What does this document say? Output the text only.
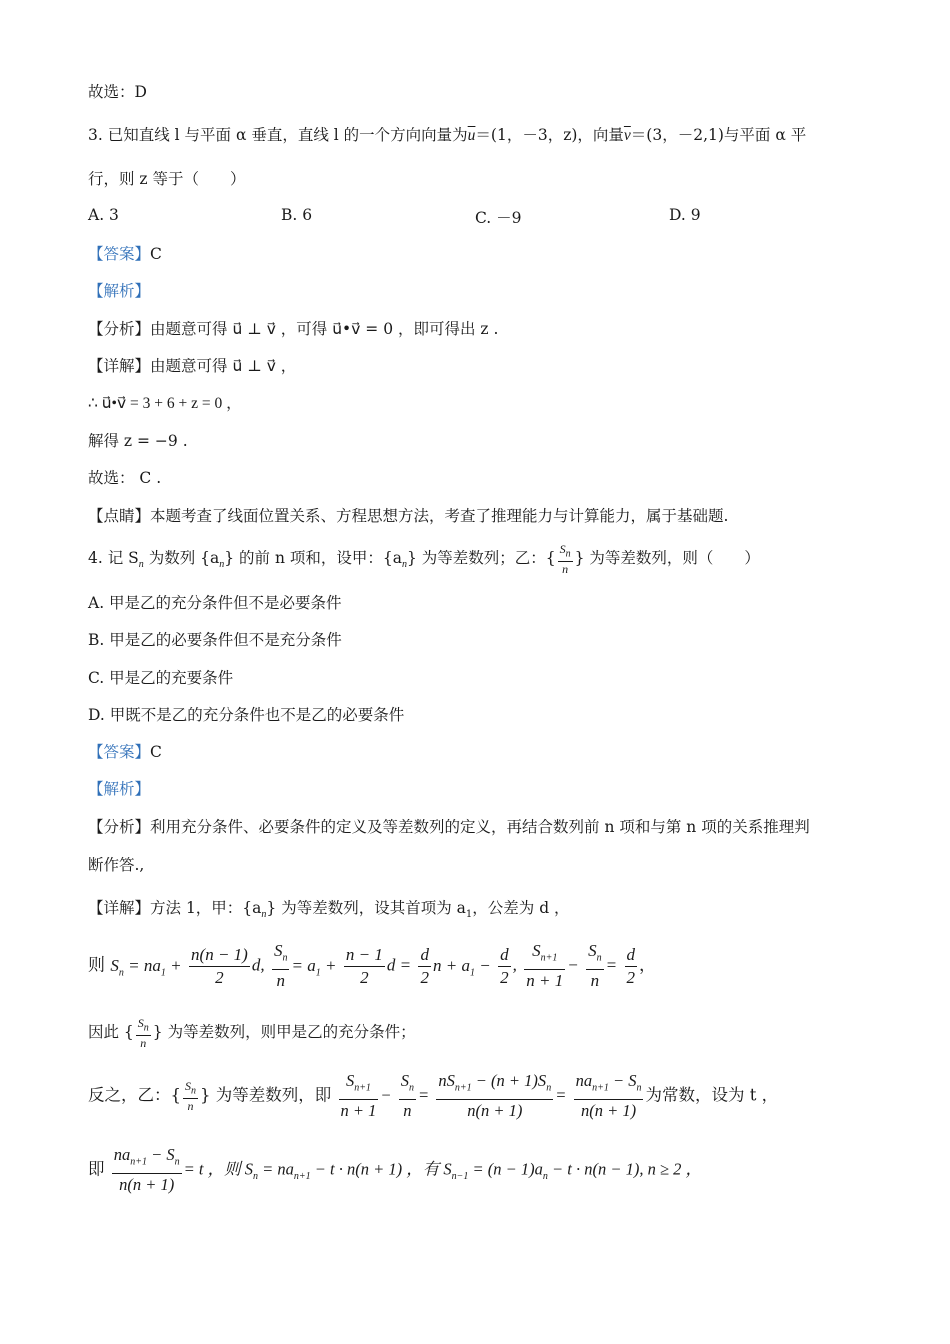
故选：D
3. 已知直线 l 与平面 α 垂直，直线 l 的一个方向向量为$\overline{u}=(1$，－3，z)，向量$\overline{v}=(3$，－2,1)与平面 α 平
行，则 z 等于（　　）
A. 3	B. 6	C. －9	D. 9
【答案】C
【解析】
【分析】由题意可得 u⃗ ⊥ v⃗ ，可得 u⃗•v⃗ = 0 ，即可得出 z .
【详解】由题意可得 u⃗ ⊥ v⃗ ，
∴ u⃗•v⃗ = 3 + 6 + z = 0 ，
解得 z = −9 .
故选： C .
【点睛】本题考查了线面位置关系、方程思想方法，考查了推理能力与计算能力，属于基础题.
4. 记 $S_n$ 为数列 $\{a_n\}$ 的前 n 项和，设甲：$\{a_n\}$ 为等差数列；乙：{ $\frac{S_n}{n}$ } 为等差数列，则（　　）
A. 甲是乙的充分条件但不是必要条件
B. 甲是乙的必要条件但不是充分条件
C. 甲是乙的充要条件
D. 甲既不是乙的充分条件也不是乙的必要条件
【答案】C
【解析】
【分析】利用充分条件、必要条件的定义及等差数列的定义，再结合数列前 n 项和与第 n 项的关系推理判
断作答.,
【详解】方法 1，甲：$\{a_n\}$ 为等差数列，设其首项为 $a_1$，公差为 d ，
则 $S_n = na_1 + \frac{n(n - 1)}{2} d$, $\frac{S_n}{n} = a_1 + \frac{n - 1}{2}$ $d = \frac{d}{2}$ $n + a_1 - \frac{d}{2}$ , $\frac{S_{n+1}}{n + 1} - \frac{S_n}{n} = \frac{d}{2}$ ，
因此 { $\frac{S_n}{n}$ } 为等差数列，则甲是乙的充分条件；
反之，乙：{ $\frac{S_n}{n}$ } 为等差数列，即 $\frac{S_{n+1}}{n + 1} - \frac{S_n}{n} = \frac{nS_{n+1} - (n + 1)S_n}{n(n + 1)} = \frac{na_{n+1} - S_n}{n(n + 1)}$ 为常数，设为 t ，
即 $\frac{na_{n+1} - S_n}{n(n + 1)} = t$ ，则 $S_n = na_{n+1} - t \cdot n(n + 1)$ ，有 $S_{n-1} = (n - 1)a_n - t \cdot n(n - 1)$, n ≥ 2 ，
